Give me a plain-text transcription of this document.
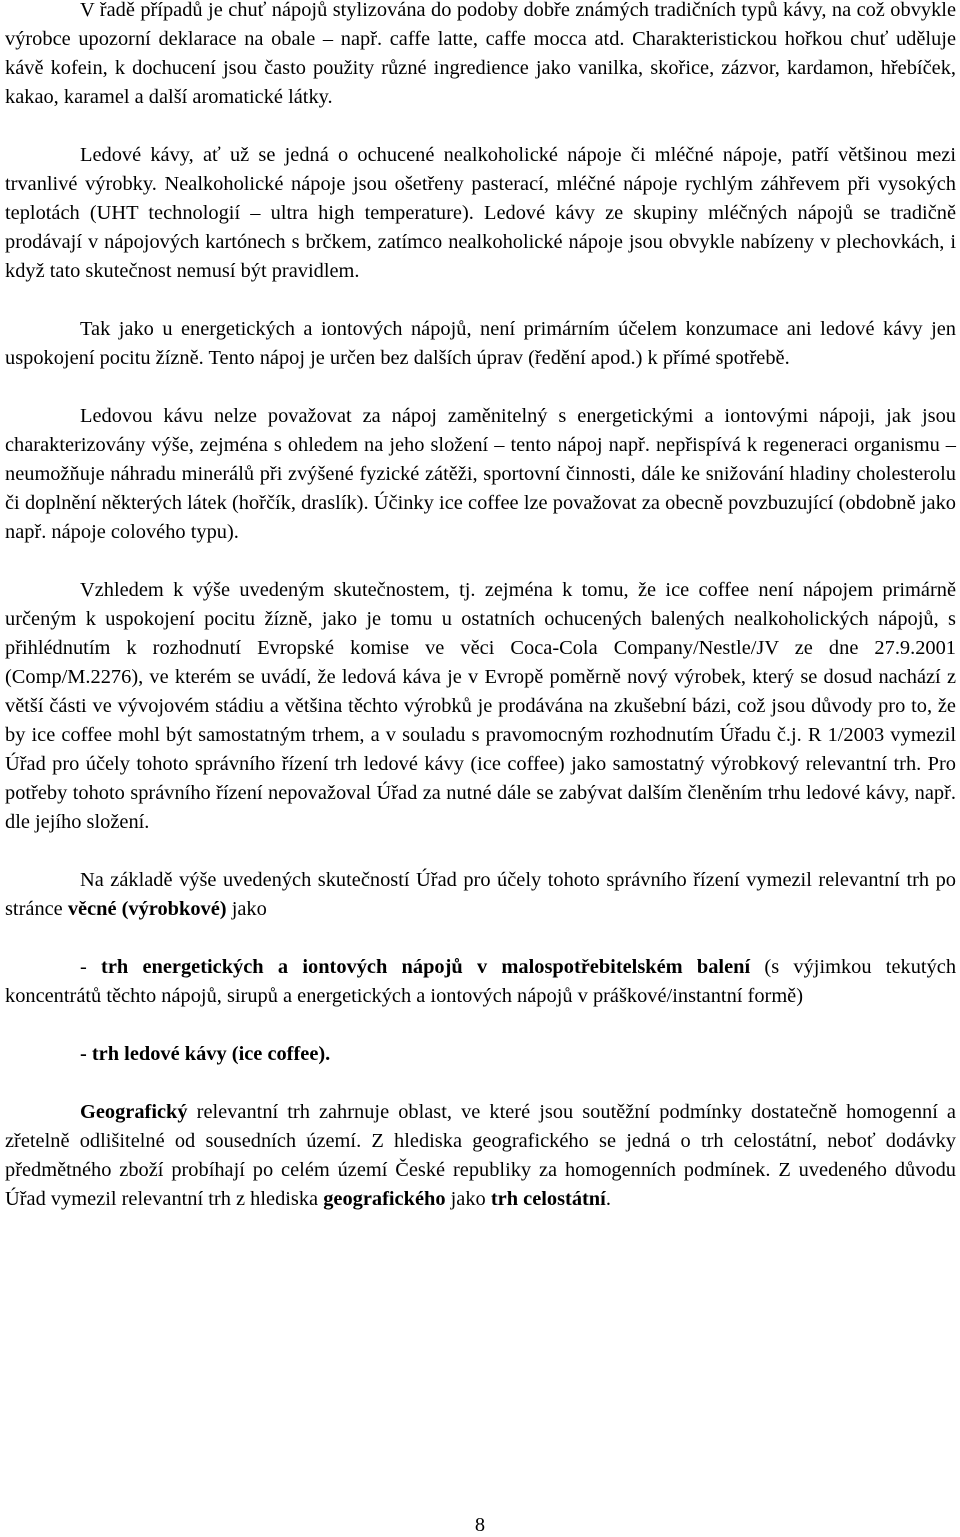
V řadě případů je chuť nápojů stylizována do podoby dobře známých tradičních typů kávy, na což obvykle výrobce upozorní deklarace na obale – např. caffe latte, caffe mocca atd. Charakteristickou hořkou chuť uděluje kávě kofein, k dochucení jsou často použity různé ingredience jako vanilka, skořice, zázvor, kardamon, hřebíček, kakao, karamel a další aromatické látky.

Ledové kávy, ať už se jedná o ochucené nealkoholické nápoje či mléčné nápoje, patří většinou mezi trvanlivé výrobky. Nealkoholické nápoje jsou ošetřeny pasterací, mléčné nápoje rychlým záhřevem při vysokých teplotách (UHT technologií – ultra high temperature). Ledové kávy ze skupiny mléčných nápojů se tradičně prodávají v nápojových kartónech s brčkem, zatímco nealkoholické nápoje jsou obvykle nabízeny v plechovkách, i když tato skutečnost nemusí být pravidlem.

Tak jako u energetických a iontových nápojů, není primárním účelem konzumace ani ledové kávy jen uspokojení pocitu žízně. Tento nápoj je určen bez dalších úprav (ředění apod.) k přímé spotřebě.

Ledovou kávu nelze považovat za nápoj zaměnitelný s energetickými a iontovými nápoji, jak jsou charakterizovány výše, zejména s ohledem na jeho složení – tento nápoj např. nepřispívá k regeneraci organismu – neumožňuje náhradu minerálů při zvýšené fyzické zátěži, sportovní činnosti, dále ke snižování hladiny cholesterolu či doplnění některých látek (hořčík, draslík). Účinky ice coffee lze považovat za obecně povzbuzující (obdobně jako např. nápoje colového typu).

Vzhledem k výše uvedeným skutečnostem, tj. zejména k tomu, že ice coffee není nápojem primárně určeným k uspokojení pocitu žízně, jako je tomu u ostatních ochucených balených nealkoholických nápojů, s přihlédnutím k rozhodnutí Evropské komise ve věci Coca-Cola Company/Nestle/JV ze dne 27.9.2001 (Comp/M.2276), ve kterém se uvádí, že ledová káva je v Evropě poměrně nový výrobek, který se dosud nachází z větší části ve vývojovém stádiu a většina těchto výrobků je prodávána na zkušební bázi, což jsou důvody pro to, že by ice coffee mohl být samostatným trhem, a v souladu s pravomocným rozhodnutím Úřadu č.j. R 1/2003 vymezil Úřad pro účely tohoto správního řízení trh ledové kávy (ice coffee) jako samostatný výrobkový relevantní trh. Pro potřeby tohoto správního řízení nepovažoval Úřad za nutné dále se zabývat dalším členěním trhu ledové kávy, např. dle jejího složení.

Na základě výše uvedených skutečností Úřad pro účely tohoto správního řízení vymezil relevantní trh po stránce věcné (výrobkové) jako

- trh energetických a iontových nápojů v malospotřebitelském balení (s výjimkou tekutých koncentrátů těchto nápojů, sirupů a energetických a iontových nápojů v práškové/instantní formě)

- trh ledové kávy (ice coffee).

Geografický relevantní trh zahrnuje oblast, ve které jsou soutěžní podmínky dostatečně homogenní a zřetelně odlišitelné od sousedních území. Z hlediska geografického se jedná o trh celostátní, neboť dodávky předmětného zboží probíhají po celém území České republiky za homogenních podmínek. Z uvedeného důvodu Úřad vymezil relevantní trh z hlediska geografického jako trh celostátní.

8
